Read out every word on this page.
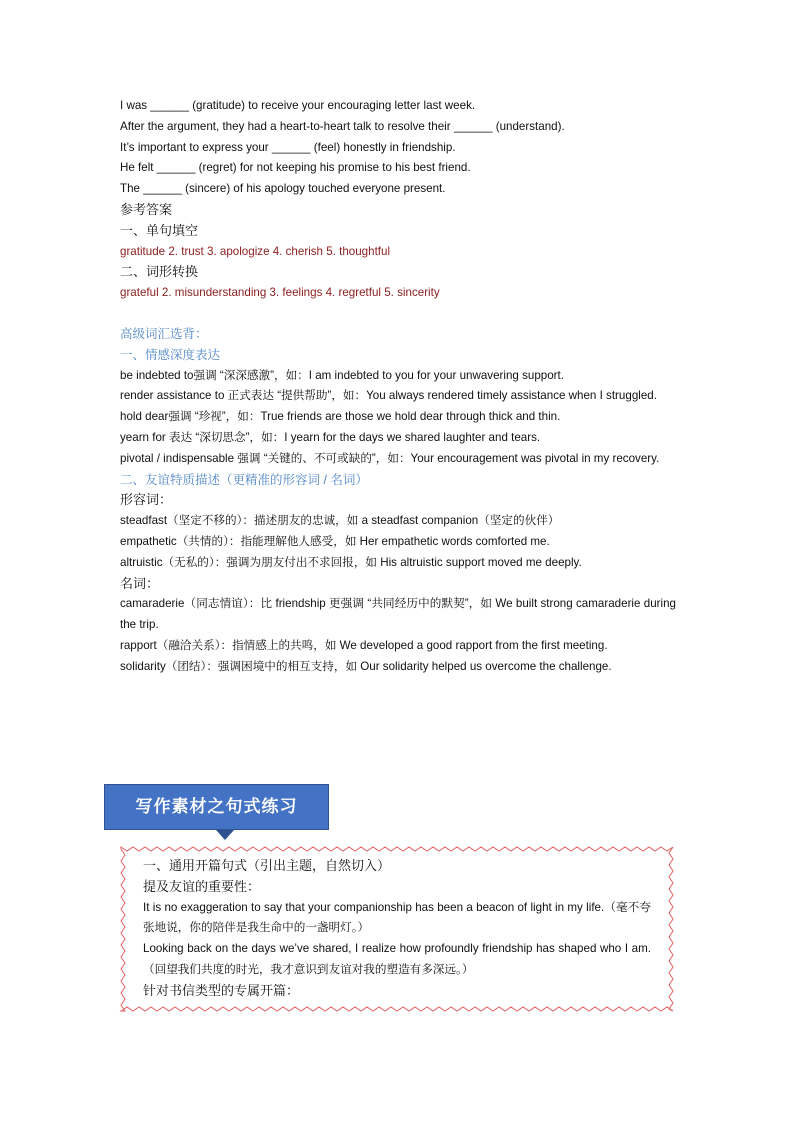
I was ______ (gratitude) to receive your encouraging letter last week.
After the argument, they had a heart-to-heart talk to resolve their ______ (understand).
It’s important to express your ______ (feel) honestly in friendship.
He felt ______ (regret) for not keeping his promise to his best friend.
The ______ (sincere) of his apology touched everyone present.
参考答案
一、单句填空
gratitude 2. trust 3. apologize 4. cherish 5. thoughtful
二、词形转换
grateful 2. misunderstanding 3. feelings 4. regretful 5. sincerity
高级词汇选背：
一、情感深度表达
be indebted to强调 “深深感激”，如：I am indebted to you for your unwavering support.
render assistance to 正式表达 “提供帮助”，如：You always rendered timely assistance when I struggled.
hold dear强调 “珍视”，如：True friends are those we hold dear through thick and thin.
yearn for 表达 “深切思念”，如：I yearn for the days we shared laughter and tears.
pivotal / indispensable 强调 “关键的、不可或缺的”，如：Your encouragement was pivotal in my recovery.
二、友谊特质描述（更精准的形容词 / 名词）
形容词：
steadfast（坚定不移的）：描述朋友的忠诚，如 a steadfast companion（坚定的伙伴）
empathetic（共情的）：指能理解他人感受，如 Her empathetic words comforted me.
altruistic（无私的）：强调为朋友付出不求回报，如 His altruistic support moved me deeply.
名词：
camaraderie（同志情谊）：比 friendship 更强调 “共同经历中的默契”，如 We built strong camaraderie during the trip.
rapport（融洽关系）：指情感上的共鸣，如 We developed a good rapport from the first meeting.
solidarity（团结）：强调困境中的相互支持，如 Our solidarity helped us overcome the challenge.
写作素材之句式练习
一、通用开篇句式（引出主题，自然切入）
提及友谊的重要性：
It is no exaggeration to say that your companionship has been a beacon of light in my life.（毫不夸张地说，你的陪伴是我生命中的一盏明灯。）
Looking back on the days we’ve shared, I realize how profoundly friendship has shaped who I am.（回望我们共度的时光，我才意识到友谊对我的塑造有多深远。）
针对书信类型的专属开篇：
